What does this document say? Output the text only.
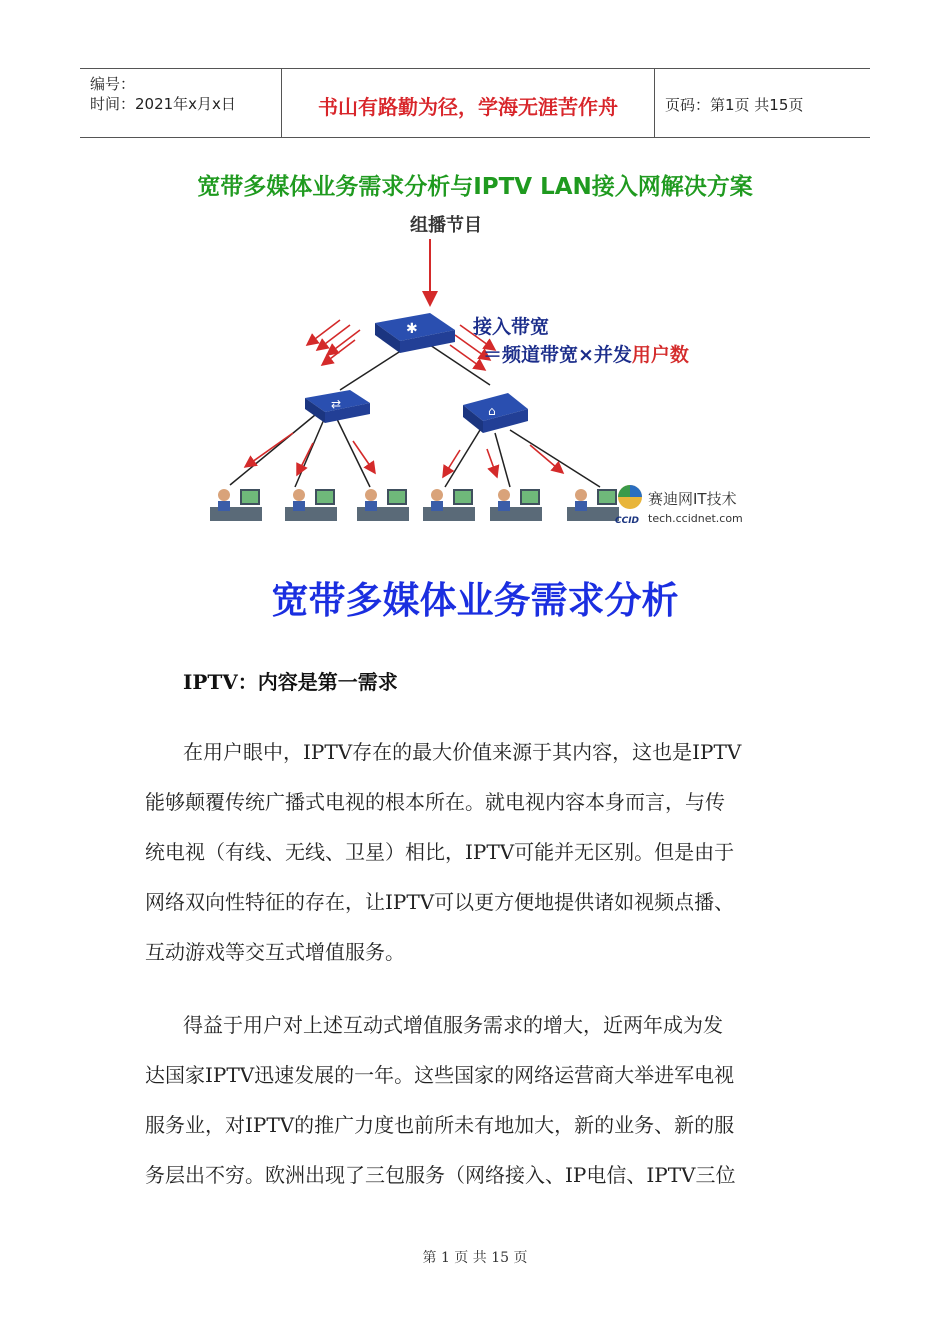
编号：
时间：2021年x月x日	书山有路勤为径，学海无涯苦作舟	页码：第1页 共15页
宽带多媒体业务需求分析与IPTV LAN接入网解决方案
组播节目
✱
⇄	⌂
接入带宽
＝频道带宽×并发用户数
CCID
赛迪网IT技术
tech.ccidnet.com
宽带多媒体业务需求分析
IPTV：内容是第一需求
在用户眼中，IPTV存在的最大价值来源于其内容，这也是IPTV
能够颠覆传统广播式电视的根本所在。就电视内容本身而言，与传
统电视（有线、无线、卫星）相比，IPTV可能并无区别。但是由于
网络双向性特征的存在，让IPTV可以更方便地提供诸如视频点播、
互动游戏等交互式增值服务。
得益于用户对上述互动式增值服务需求的增大，近两年成为发
达国家IPTV迅速发展的一年。这些国家的网络运营商大举进军电视
服务业，对IPTV的推广力度也前所未有地加大，新的业务、新的服
务层出不穷。欧洲出现了三包服务（网络接入、IP电信、IPTV三位
第 1 页 共 15 页
